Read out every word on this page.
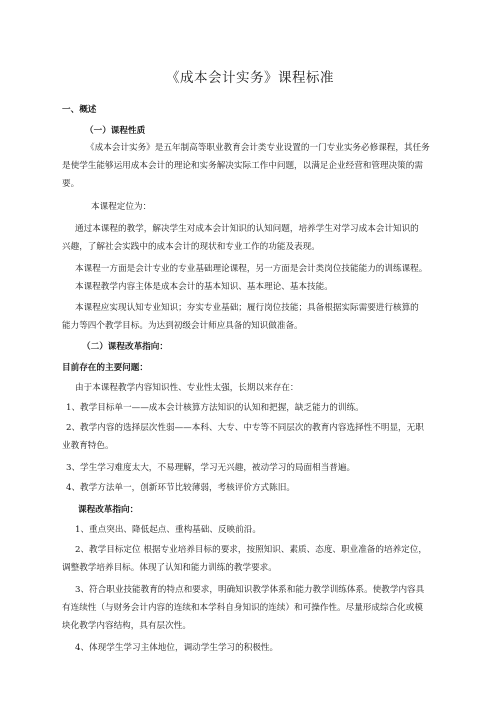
《成本会计实务》课程标准
一、概述
（一）课程性质
《成本会计实务》是五年制高等职业教育会计类专业设置的一门专业实务必修课程，其任务
是使学生能够运用成本会计的理论和实务解决实际工作中问题，以满足企业经营和管理决策的需
要。
本课程定位为：
通过本课程的教学，解决学生对成本会计知识的认知问题，培养学生对学习成本会计知识的
兴趣，了解社会实践中的成本会计的现状和专业工作的功能及表现。
本课程一方面是会计专业的专业基础理论课程，另一方面是会计类岗位技能能力的训练课程。
本课程教学内容主体是成本会计的基本知识、基本理论、基本技能。
本课程应实现认知专业知识；夯实专业基础；履行岗位技能；具备根据实际需要进行核算的
能力等四个教学目标。为达到初级会计师应具备的知识做准备。
（二）课程改革指向：
目前存在的主要问题：
由于本课程教学内容知识性、专业性太强，长期以来存在：
1、教学目标单一——成本会计核算方法知识的认知和把握，缺乏能力的训练。
2、教学内容的选择层次性弱——本科、大专、中专等不同层次的教育内容选择性不明显，无职
业教育特色。
3、学生学习难度太大，不易理解，学习无兴趣，被动学习的局面相当普遍。
4、教学方法单一，创新环节比较薄弱，考核评价方式陈旧。
课程改革指向：
1、重点突出、降低起点、重构基础、反映前沿。
2、教学目标定位 根据专业培养目标的要求，按照知识、素质、态度、职业准备的培养定位，
调整教学培养目标。体现了认知和能力训练的教学要求。
3、符合职业技能教育的特点和要求，明确知识教学体系和能力教学训练体系。使教学内容具
有连续性（与财务会计内容的连续和本学科自身知识的连续）和可操作性。尽量形成综合化或模
块化教学内容结构，具有层次性。
4、体现学生学习主体地位，调动学生学习的积极性。
